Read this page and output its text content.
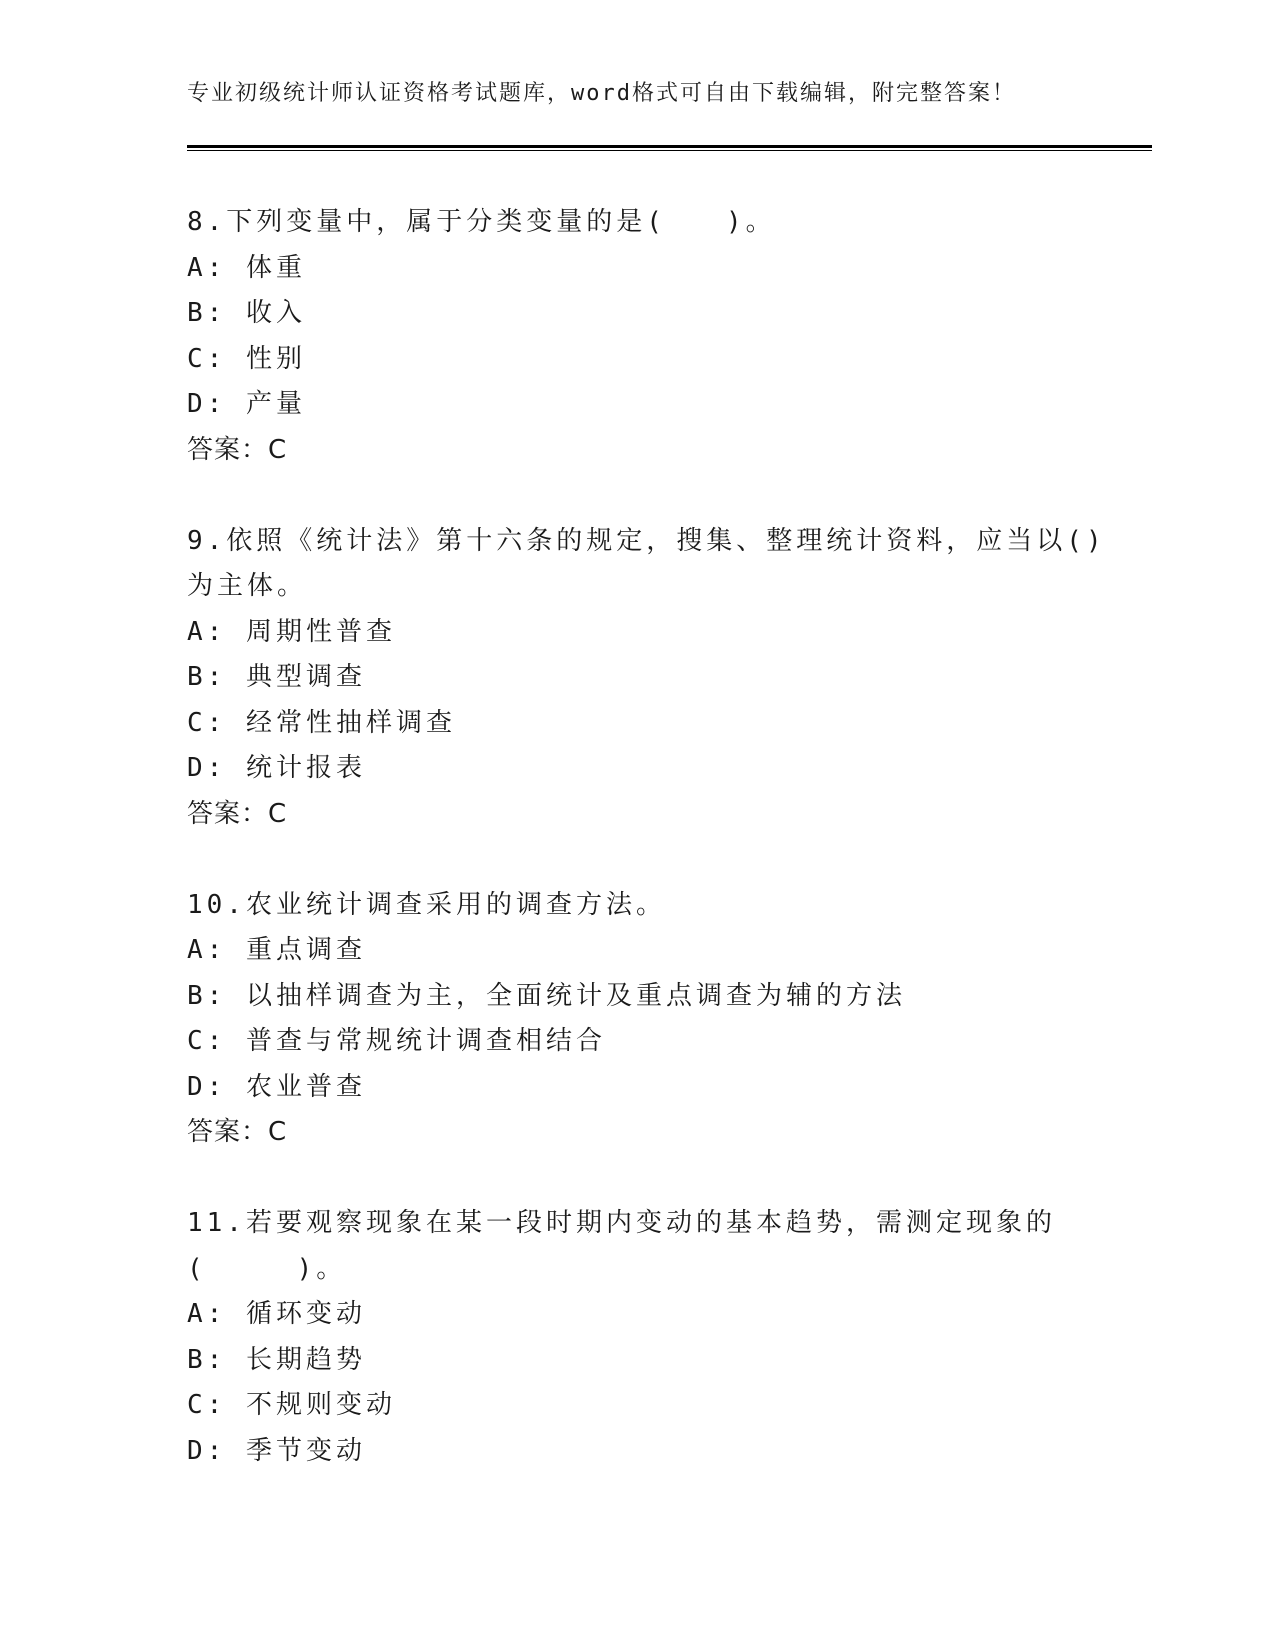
专业初级统计师认证资格考试题库，word格式可自由下载编辑，附完整答案！
8.下列变量中，属于分类变量的是(　　)。
A: 体重
B: 收入
C: 性别
D: 产量
答案：C
9.依照《统计法》第十六条的规定，搜集、整理统计资料，应当以()
为主体。
A: 周期性普查
B: 典型调查
C: 经常性抽样调查
D: 统计报表
答案：C
10.农业统计调查采用的调查方法。
A: 重点调查
B: 以抽样调查为主，全面统计及重点调查为辅的方法
C: 普查与常规统计调查相结合
D: 农业普查
答案：C
11.若要观察现象在某一段时期内变动的基本趋势，需测定现象的
(　　　)。
A: 循环变动
B: 长期趋势
C: 不规则变动
D: 季节变动
